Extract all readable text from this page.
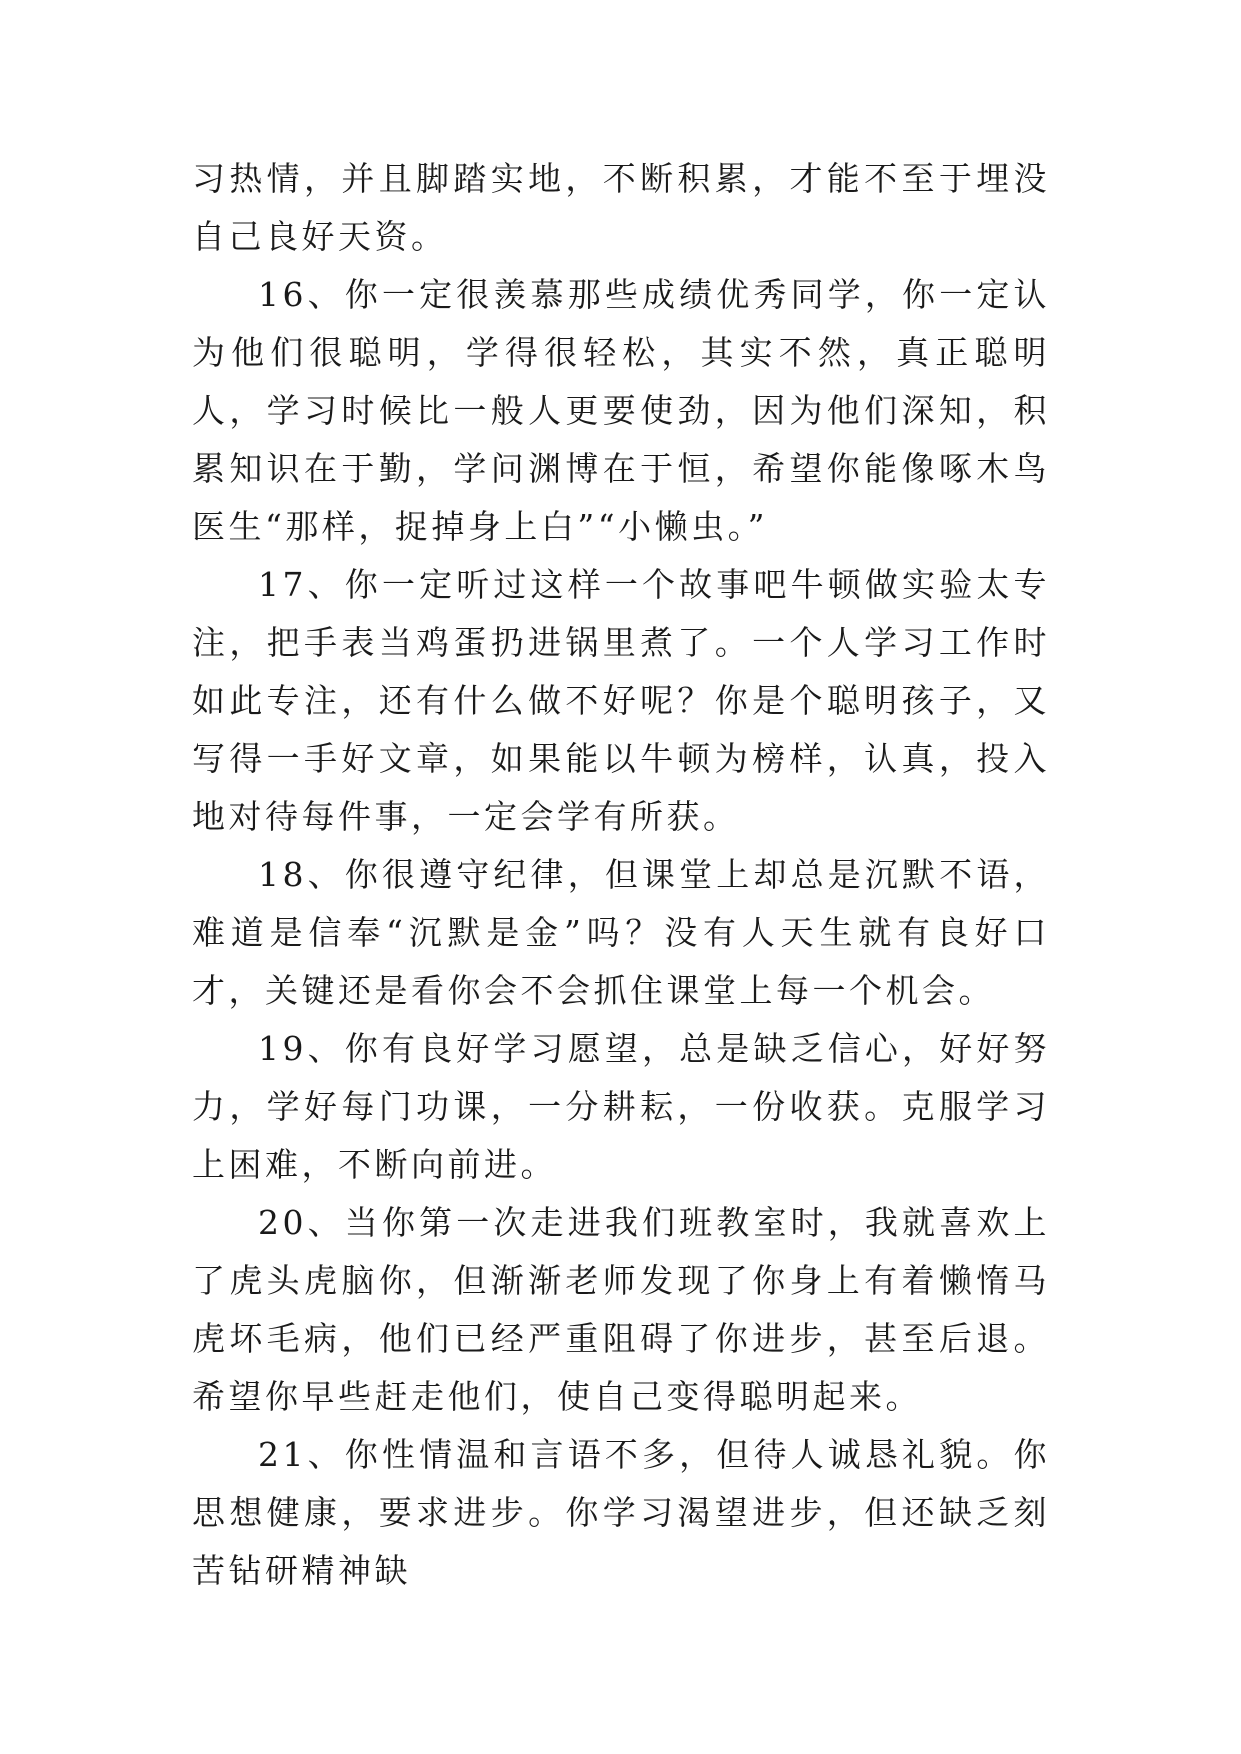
习热情，并且脚踏实地，不断积累，才能不至于埋没自己良好天资。

16、你一定很羡慕那些成绩优秀同学，你一定认为他们很聪明，学得很轻松，其实不然，真正聪明人，学习时候比一般人更要使劲，因为他们深知，积累知识在于勤，学问渊博在于恒，希望你能像啄木鸟医生“那样，捉掉身上白”“小懒虫。”

17、你一定听过这样一个故事吧牛顿做实验太专注，把手表当鸡蛋扔进锅里煮了。一个人学习工作时如此专注，还有什么做不好呢？你是个聪明孩子，又写得一手好文章，如果能以牛顿为榜样，认真，投入地对待每件事，一定会学有所获。

18、你很遵守纪律，但课堂上却总是沉默不语，难道是信奉“沉默是金”吗？没有人天生就有良好口才，关键还是看你会不会抓住课堂上每一个机会。

19、你有良好学习愿望，总是缺乏信心，好好努力，学好每门功课，一分耕耘，一份收获。克服学习上困难，不断向前进。

20、当你第一次走进我们班教室时，我就喜欢上了虎头虎脑你，但渐渐老师发现了你身上有着懒惰马虎坏毛病，他们已经严重阻碍了你进步，甚至后退。希望你早些赶走他们，使自己变得聪明起来。

21、你性情温和言语不多，但待人诚恳礼貌。你思想健康，要求进步。你学习渴望进步，但还缺乏刻苦钻研精神缺
